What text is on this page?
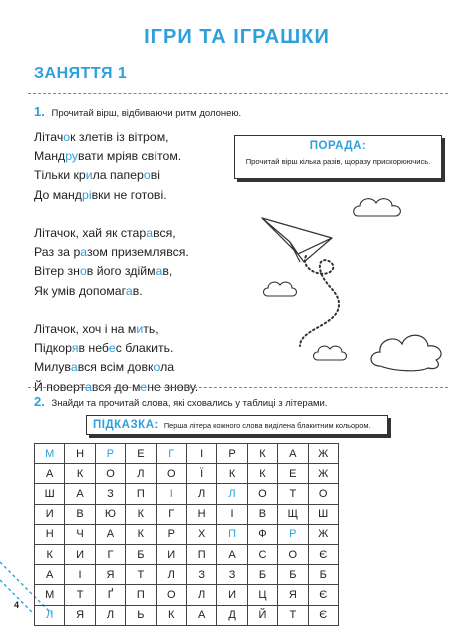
ІГРИ ТА ІГРАШКИ
ЗАНЯТТЯ 1
1. Прочитай вірш, відбиваючи ритм долонею.
Літачок злетів із вітром,
Мандрувати мріяв світом.
Тільки крила паперові
До мандрівки не готові.
Літачок, хай як старався,
Раз за разом приземлявся.
Вітер знов його здіймав,
Як умів допомагав.
Літачок, хоч і на мить,
Підкоряв небес блакить.
Милувався всім довкола
Й повертався до мене знову.
ПОРАДА:
Прочитай вірш кілька разів, щоразу прискорюючись.
2. Знайди та прочитай слова, які сховались у таблиці з літерами.
ПІДКАЗКА: Перша літера кожного слова виділена блакитним кольором.
М	Н	Р	Е	Г	І	Р	К	А	Ж
А	К	О	Л	О	Ї	К	К	Е	Ж
Ш	А	З	П	І	Л	Л	О	Т	О
И	В	Ю	К	Г	Н	І	В	Щ	Ш
Н	Ч	А	К	Р	Х	П	Ф	Р	Ж
К	И	Г	Б	И	П	А	С	О	Є
А	І	Я	Т	Л	З	З	Б	Б	Б
М	Т	Ґ	П	О	Л	И	Ц	Я	Є
Л	Я	Л	Ь	К	А	Д	Й	Т	Є
4
